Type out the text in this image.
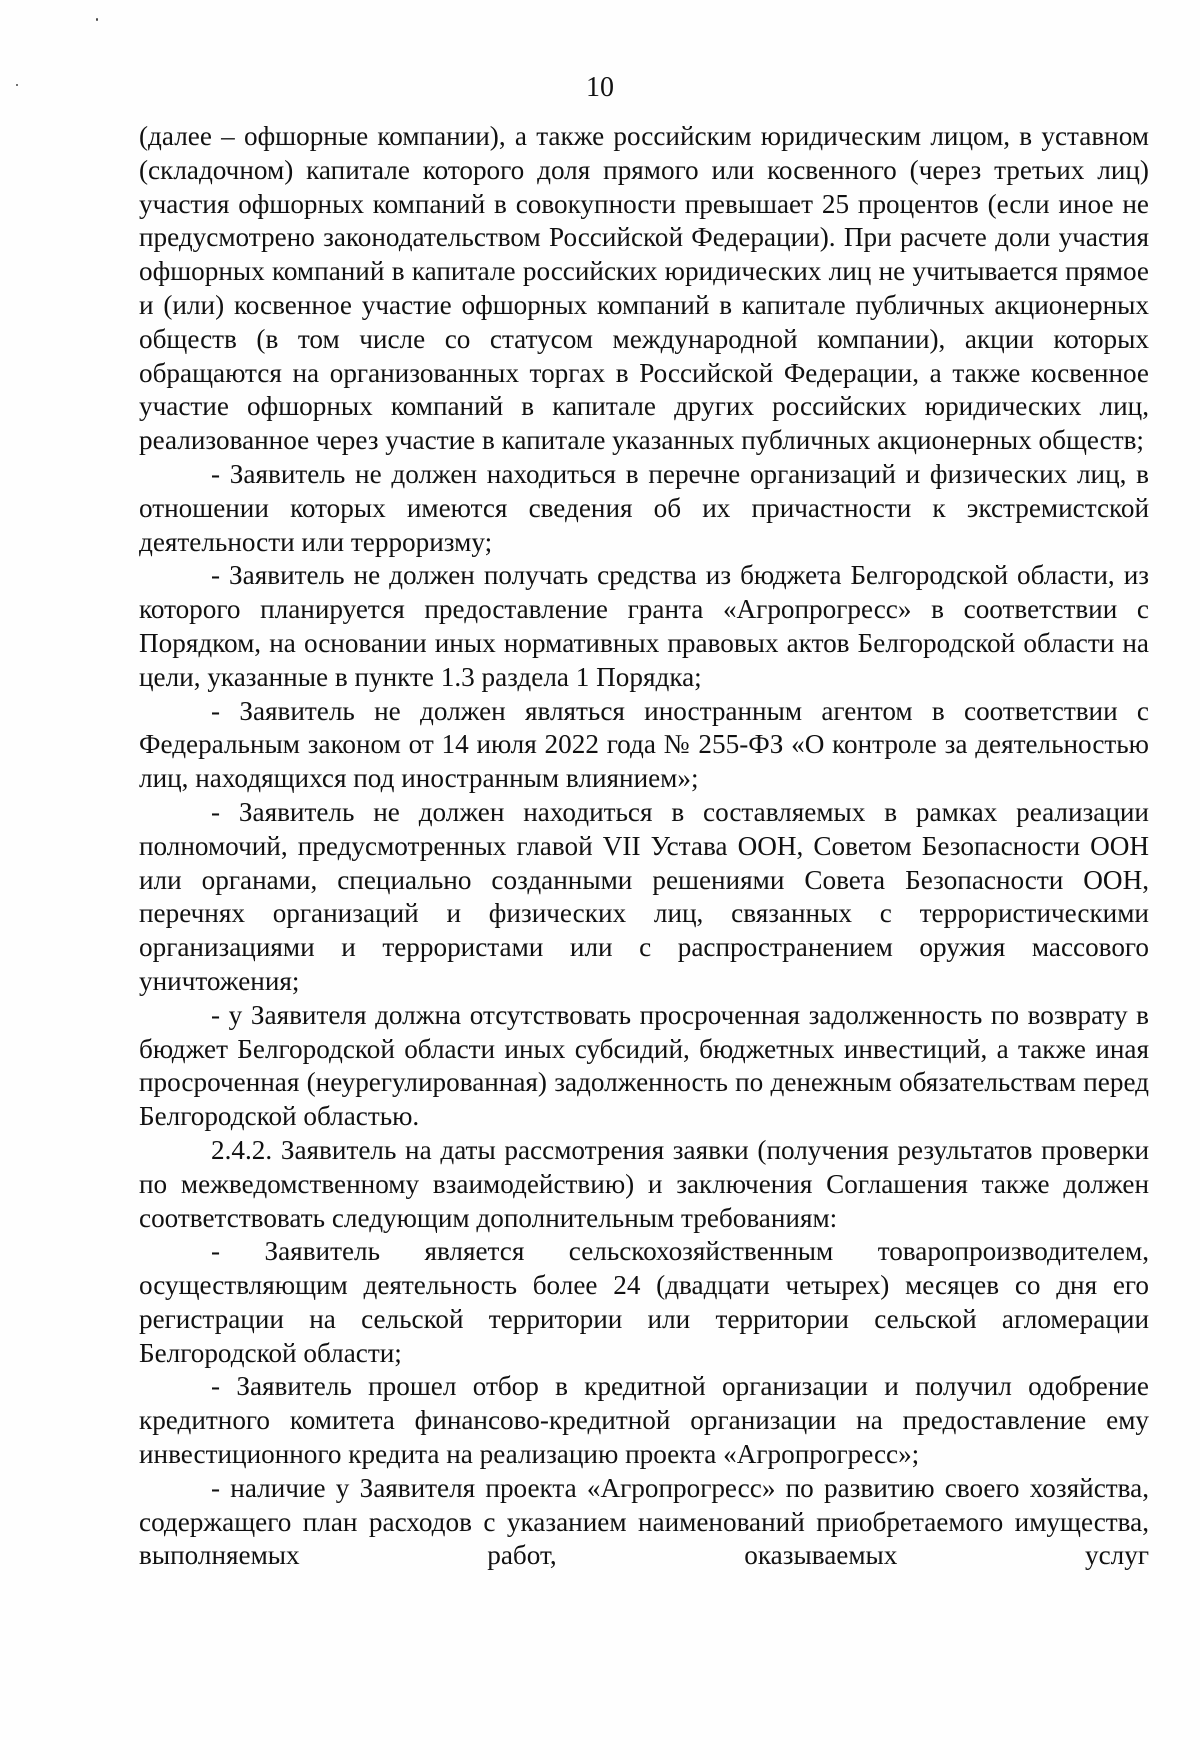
10

(далее – офшорные компании), а также российским юридическим лицом, в уставном (складочном) капитале которого доля прямого или косвенного (через третьих лиц) участия офшорных компаний в совокупности превышает 25 процентов (если иное не предусмотрено законодательством Российской Федерации). При расчете доли участия офшорных компаний в капитале российских юридических лиц не учитывается прямое и (или) косвенное участие офшорных компаний в капитале публичных акционерных обществ (в том числе со статусом международной компании), акции которых обращаются на организованных торгах в Российской Федерации, а также косвенное участие офшорных компаний в капитале других российских юридических лиц, реализованное через участие в капитале указанных публичных акционерных обществ;

- Заявитель не должен находиться в перечне организаций и физических лиц, в отношении которых имеются сведения об их причастности к экстремистской деятельности или терроризму;

- Заявитель не должен получать средства из бюджета Белгородской области, из которого планируется предоставление гранта «Агропрогресс» в соответствии с Порядком, на основании иных нормативных правовых актов Белгородской области на цели, указанные в пункте 1.3 раздела 1 Порядка;

- Заявитель не должен являться иностранным агентом в соответствии с Федеральным законом от 14 июля 2022 года № 255-ФЗ «О контроле за деятельностью лиц, находящихся под иностранным влиянием»;

- Заявитель не должен находиться в составляемых в рамках реализации полномочий, предусмотренных главой VII Устава ООН, Советом Безопасности ООН или органами, специально созданными решениями Совета Безопасности ООН, перечнях организаций и физических лиц, связанных с террористическими организациями и террористами или с распространением оружия массового уничтожения;

- у Заявителя должна отсутствовать просроченная задолженность по возврату в бюджет Белгородской области иных субсидий, бюджетных инвестиций, а также иная просроченная (неурегулированная) задолженность по денежным обязательствам перед Белгородской областью.

2.4.2. Заявитель на даты рассмотрения заявки (получения результатов проверки по межведомственному взаимодействию) и заключения Соглашения также должен соответствовать следующим дополнительным требованиям:

- Заявитель является сельскохозяйственным товаропроизводителем, осуществляющим деятельность более 24 (двадцати четырех) месяцев со дня его регистрации на сельской территории или территории сельской агломерации Белгородской области;

- Заявитель прошел отбор в кредитной организации и получил одобрение кредитного комитета финансово-кредитной организации на предоставление ему инвестиционного кредита на реализацию проекта «Агропрогресс»;

- наличие у Заявителя проекта «Агропрогресс» по развитию своего хозяйства, содержащего план расходов с указанием наименований приобретаемого имущества, выполняемых работ, оказываемых услуг
